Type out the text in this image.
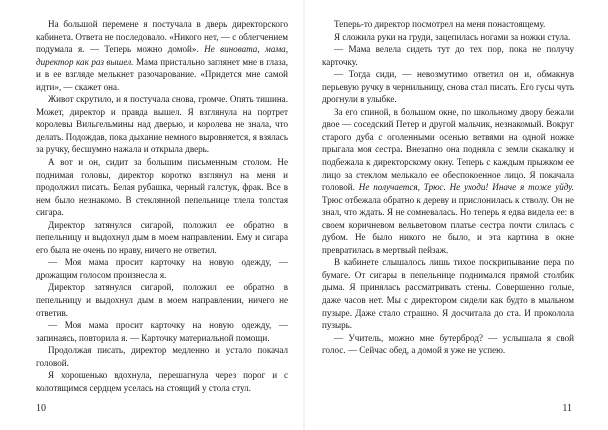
На большой перемене я постучала в дверь директорского кабинета. Ответа не последовало. «Никого нет, — с облегчением подумала я. — Теперь можно домой». Не виновата, мама, директор как раз вышел. Мама пристально заглянет мне в глаза, и в ее взгляде мелькнет разочарование. «Придется мне самой идти», — скажет она.

Живот скрутило, и я постучала снова, громче. Опять тишина. Может, директор и правда вышел. Я взглянула на портрет королевы Вильгельмины над дверью, и королева не знала, что делать. Подождав, пока дыхание немного выровняется, я взялась за ручку, бесшумно нажала и открыла дверь.

А вот и он, сидит за большим письменным столом. Не поднимая головы, директор коротко взглянул на меня и продолжил писать. Белая рубашка, черный галстук, фрак. Все в нем было незнакомо. В стеклянной пепельнице тлела толстая сигара.

Директор затянулся сигарой, положил ее обратно в пепельницу и выдохнул дым в моем направлении. Ему и сигара его была не очень по нраву, ничего не ответил.

— Моя мама просит карточку на новую одежду, — дрожащим голосом произнесла я.

Директор затянулся сигарой, положил ее обратно в пепельницу и выдохнул дым в моем направлении, ничего не ответив.

— Моя мама просит карточку на новую одежду, — запинаясь, повторила я. — Карточку материальной помощи.

Продолжая писать, директор медленно и устало покачал головой.

Я хорошенько вдохнула, перешагнула через порог и с колотящимся сердцем уселась на стоящий у стола стул.

Теперь-то директор посмотрел на меня понастоящему.

Я сложила руки на груди, зацепилась ногами за ножки стула.

— Мама велела сидеть тут до тех пор, пока не получу карточку.

— Тогда сиди, — невозмутимо ответил он и, обмакнув перьевую ручку в чернильницу, снова стал писать. Его гусы чуть дрогнули в улыбке.

За его спиной, в большом окне, по школьному двору бежали двое — соседский Петер и другой мальчик, незнакомый. Вокруг старого дуба с оголенными осенью ветвями на одной ножке прыгала моя сестра. Внезапно она подняла с земли скакалку и подбежала к директорскому окну. Теперь с каждым прыжком ее лицо за стеклом мелькало ее обеспокоенное лицо. Я покачала головой. Не получается, Трюс. Не уходи! Иначе я тоже уйду. Трюс отбежала обратно к дереву и прислонилась к стволу. Он не знал, что ждать. Я не сомневалась. Но теперь я едва видела ее: в своем коричневом вельветовом платье сестра почти слилась с дубом. Не было никого не было, и эта картина в окне превратилась в мертвый пейзаж.

В кабинете слышалось лишь тихое поскрипывание пера по бумаге. От сигары в пепельнице поднимался прямой столбик дыма. Я принялась рассматривать стены. Совершенно голые, даже часов нет. Мы с директором сидели как будто в мыльном пузыре. Даже стало страшно. Я досчитала до ста. И проколола пузырь.

— Учитель, можно мне бутерброд? — услышала я свой голос. — Сейчас обед, а домой я уже не успею.

10	11
